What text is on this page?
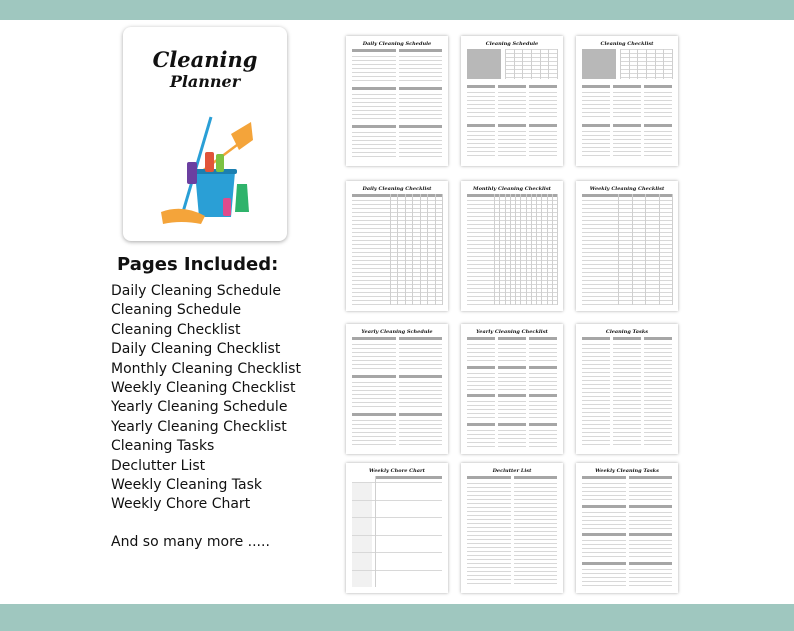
Cleaning
Planner
Pages Included:
Daily Cleaning Schedule
Cleaning Schedule
Cleaning Checklist
Daily Cleaning Checklist
Monthly Cleaning Checklist
Weekly Cleaning Checklist
Yearly Cleaning Schedule
Yearly Cleaning Checklist
Cleaning Tasks
Declutter List
Weekly Cleaning Task
Weekly Chore Chart
And so many more .....
Daily Cleaning Schedule	Cleaning Schedule	Cleaning Checklist
Daily Cleaning Checklist	Monthly Cleaning Checklist	Weekly Cleaning Checklist
Yearly Cleaning Schedule	Yearly Cleaning Checklist	Cleaning Tasks
Weekly Chore Chart	Declutter List	Weekly Cleaning Tasks
